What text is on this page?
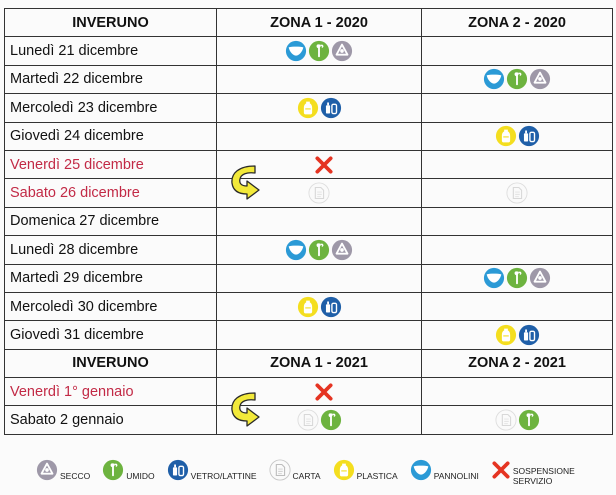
INVERUNO	ZONA 1 - 2020	ZONA 2 - 2020
Lunedì 21 dicembre	

Martedì 22 dicembre		

Mercoledì 23 dicembre	

Giovedì 24 dicembre		

Venerdì 25 dicembre	

Sabato 26 dicembre	

Domenica 27 dicembre		
Lunedì 28 dicembre	

Martedì 29 dicembre		

Mercoledì 30 dicembre	

Giovedì 31 dicembre		

INVERUNO	ZONA 1 - 2021	ZONA 2 - 2021
Venerdì 1° gennaio	

Sabato 2 gennaio	

SECCO	UMIDO	VETRO/LATTINE	CARTA	PLASTICA	PANNOLINI	SOSPENSIONE SERVIZIO
